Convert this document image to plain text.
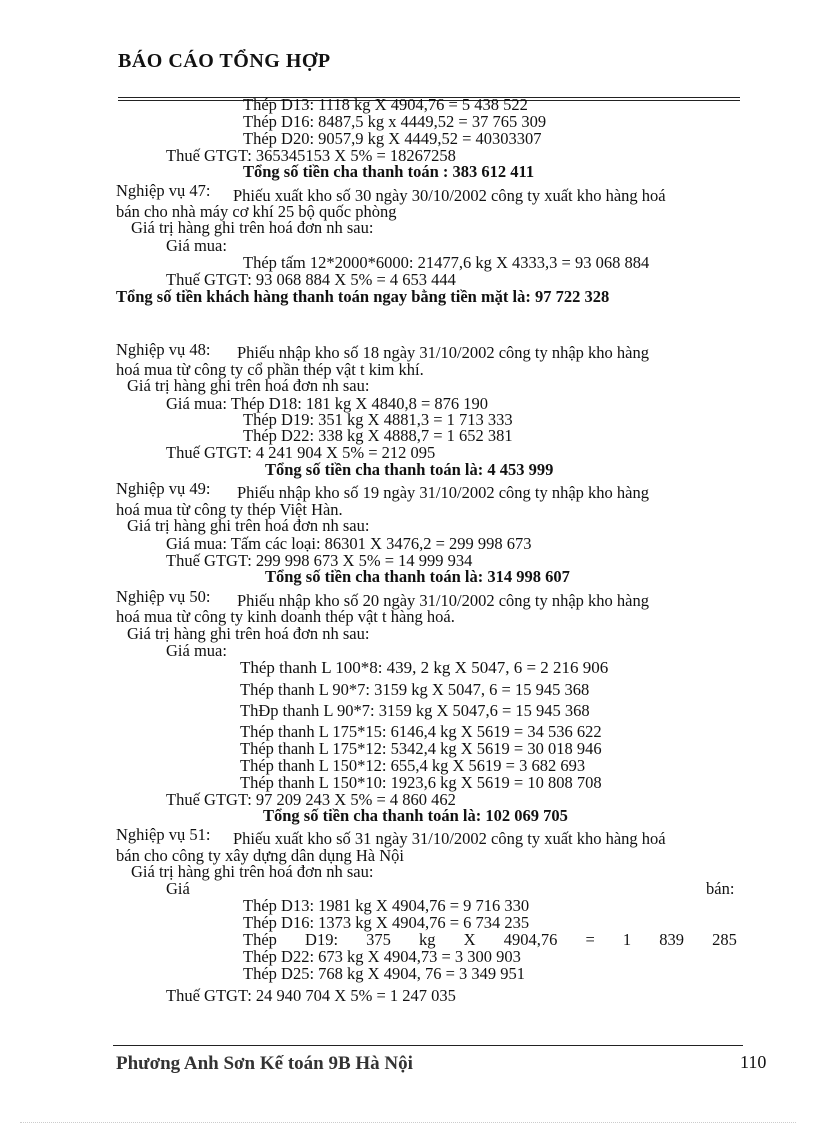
BÁO CÁO TỔNG HỢP
Thép D13: 1118 kg X 4904,76 = 5 438 522
Thép D16: 8487,5 kg x 4449,52 = 37 765 309
Thép D20: 9057,9 kg X 4449,52 = 40303307
Thuế GTGT: 365345153 X 5% = 18267258
Tổng số tiền cha thanh toán : 383 612 411
Nghiệp vụ 47: Phiếu xuất kho số 30 ngày 30/10/2002 công ty xuất kho hàng hoá
bán cho nhà máy cơ khí 25 bộ quốc phòng
Giá trị hàng ghi trên hoá đơn nh sau:
Giá mua:
Thép tấm 12*2000*6000: 21477,6 kg X 4333,3 = 93 068 884
Thuế GTGT: 93 068 884 X 5% = 4 653 444
Tổng số tiền khách hàng thanh toán ngay bằng tiền mặt là: 97 722 328
Nghiệp vụ 48: Phiếu nhập kho số 18 ngày 31/10/2002 công ty nhập kho hàng
hoá mua từ công ty cổ phần thép vật t kim khí.
Giá trị hàng ghi trên hoá đơn nh sau:
Giá mua: Thép D18: 181 kg X 4840,8 = 876 190
Thép D19: 351 kg X 4881,3 = 1 713 333
Thép D22: 338 kg X 4888,7 = 1 652 381
Thuế GTGT: 4 241 904 X 5% = 212 095
Tổng số tiền cha thanh toán là: 4 453 999
Nghiệp vụ 49: Phiếu nhập kho số 19 ngày 31/10/2002 công ty nhập kho hàng
hoá mua từ công ty thép Việt Hàn.
Giá trị hàng ghi trên hoá đơn nh sau:
Giá mua: Tấm các loại: 86301 X 3476,2 = 299 998 673
Thuế GTGT: 299 998 673 X 5% = 14 999 934
Tổng số tiền cha thanh toán là: 314 998 607
Nghiệp vụ 50: Phiếu nhập kho số 20 ngày 31/10/2002 công ty nhập kho hàng
hoá mua từ công ty kinh doanh thép vật t hàng hoá.
Giá trị hàng ghi trên hoá đơn nh sau:
Giá mua:
Thép thanh L 100*8: 439, 2 kg X 5047, 6 = 2 216 906
Thép thanh L 90*7: 3159 kg X 5047, 6 = 15 945 368
ThĐp thanh L 90*7: 3159 kg X 5047,6 = 15 945 368
Thép thanh L 175*15: 6146,4 kg X 5619 = 34 536 622
Thép thanh L 175*12: 5342,4 kg X 5619 = 30 018 946
Thép thanh L 150*12: 655,4 kg X 5619 = 3 682 693
Thép thanh L 150*10: 1923,6 kg X 5619 = 10 808 708
Thuế GTGT: 97 209 243 X 5% = 4 860 462
Tổng số tiền cha thanh toán là: 102 069 705
Nghiệp vụ 51: Phiếu xuất kho số 31 ngày 31/10/2002 công ty xuất kho hàng hoá
bán cho công ty xây dựng dân dụng Hà Nội
Giá trị hàng ghi trên hoá đơn nh sau:
Giá	bán:
Thép D13: 1981 kg X 4904,76 = 9 716 330
Thép D16: 1373 kg X 4904,76 = 6 734 235
Thép D19: 375 kg X 4904,76 = 1 839 285
Thép D22: 673 kg X 4904,73 = 3 300 903
Thép D25: 768 kg X 4904, 76 = 3 349 951
Thuế GTGT: 24 940 704 X 5% = 1 247 035
Phương Anh Sơn Kế toán 9B Hà Nội	110
